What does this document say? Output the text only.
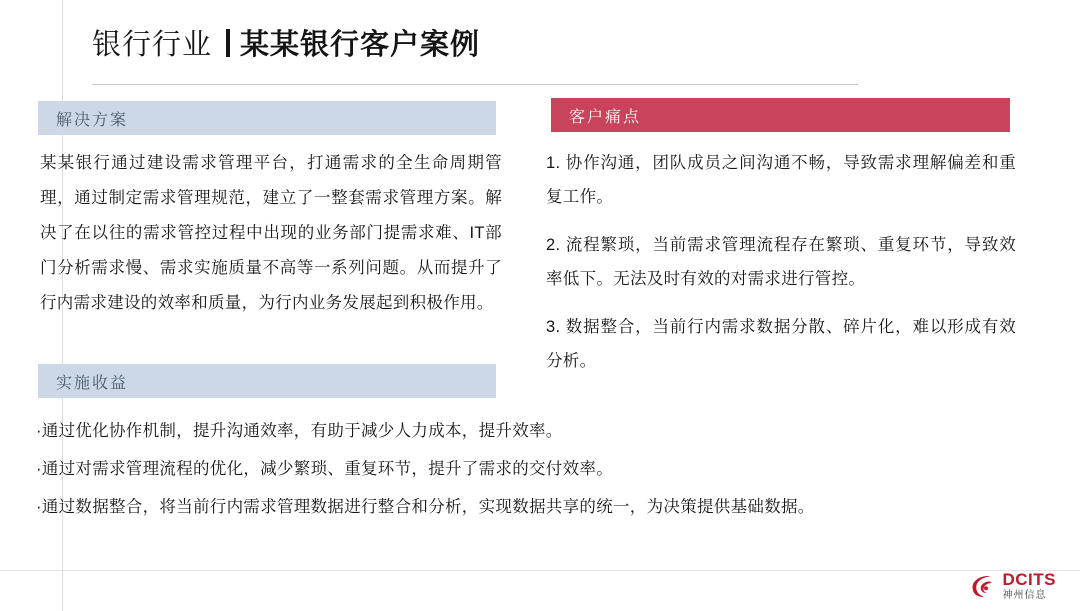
银行行业 某某银行客户案例
解决方案
某某银行通过建设需求管理平台，打通需求的全生命周期管理，通过制定需求管理规范，建立了一整套需求管理方案。解决了在以往的需求管控过程中出现的业务部门提需求难、IT部门分析需求慢、需求实施质量不高等一系列问题。从而提升了行内需求建设的效率和质量，为行内业务发展起到积极作用。
客户痛点
1. 协作沟通，团队成员之间沟通不畅，导致需求理解偏差和重复工作。
2. 流程繁琐，当前需求管理流程存在繁琐、重复环节，导致效率低下。无法及时有效的对需求进行管控。
3. 数据整合，当前行内需求数据分散、碎片化，难以形成有效分析。
实施收益
·通过优化协作机制，提升沟通效率，有助于减少人力成本，提升效率。
·通过对需求管理流程的优化，减少繁琐、重复环节，提升了需求的交付效率。
·通过数据整合，将当前行内需求管理数据进行整合和分析，实现数据共享的统一，为决策提供基础数据。
DCITS
神州信息
